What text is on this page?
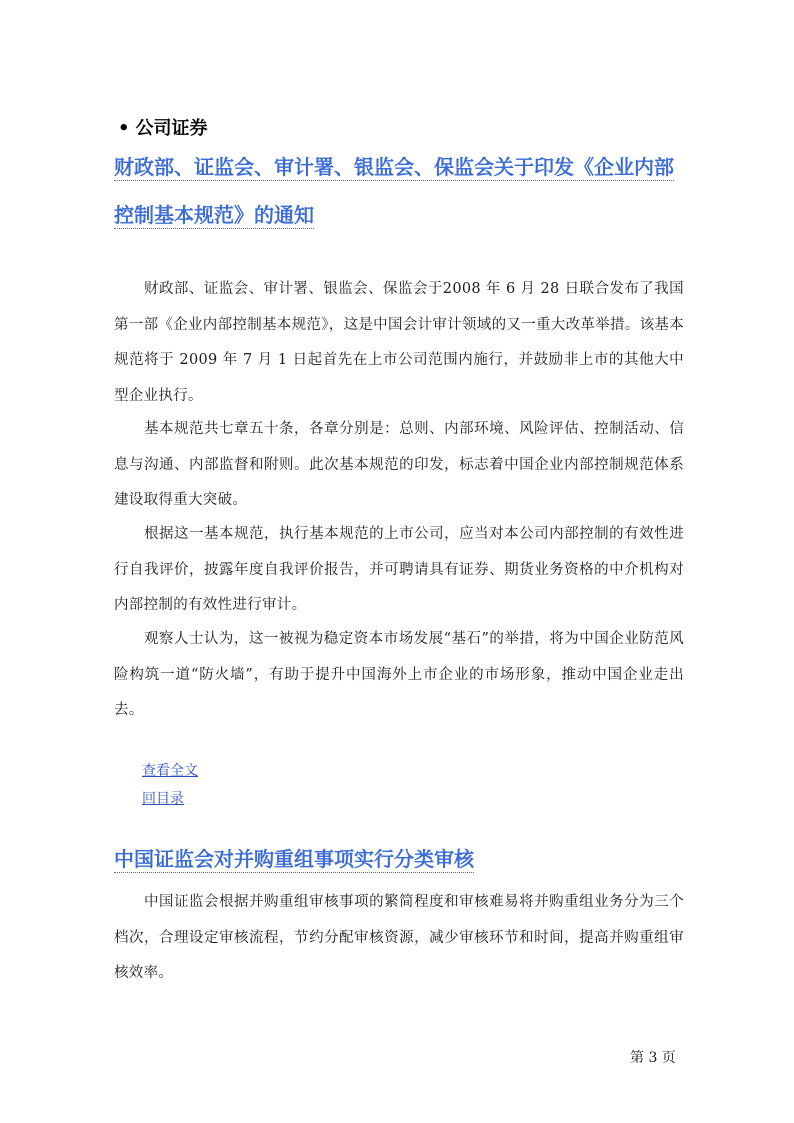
• 公司证券
财政部、证监会、审计署、银监会、保监会关于印发《企业内部控制基本规范》的通知

财政部、证监会、审计署、银监会、保监会于2008 年 6 月 28 日联合发布了我国第一部《企业内部控制基本规范》，这是中国会计审计领域的又一重大改革举措。该基本规范将于 2009 年 7 月 1 日起首先在上市公司范围内施行，并鼓励非上市的其他大中型企业执行。

基本规范共七章五十条，各章分别是：总则、内部环境、风险评估、控制活动、信息与沟通、内部监督和附则。此次基本规范的印发，标志着中国企业内部控制规范体系建设取得重大突破。

根据这一基本规范，执行基本规范的上市公司，应当对本公司内部控制的有效性进行自我评价，披露年度自我评价报告，并可聘请具有证券、期货业务资格的中介机构对内部控制的有效性进行审计。

观察人士认为，这一被视为稳定资本市场发展“基石”的举措，将为中国企业防范风险构筑一道“防火墙”，有助于提升中国海外上市企业的市场形象，推动中国企业走出去。

查看全文
回目录
中国证监会对并购重组事项实行分类审核

中国证监会根据并购重组审核事项的繁简程度和审核难易将并购重组业务分为三个档次，合理设定审核流程，节约分配审核资源，减少审核环节和时间，提高并购重组审核效率。

第 3 页
